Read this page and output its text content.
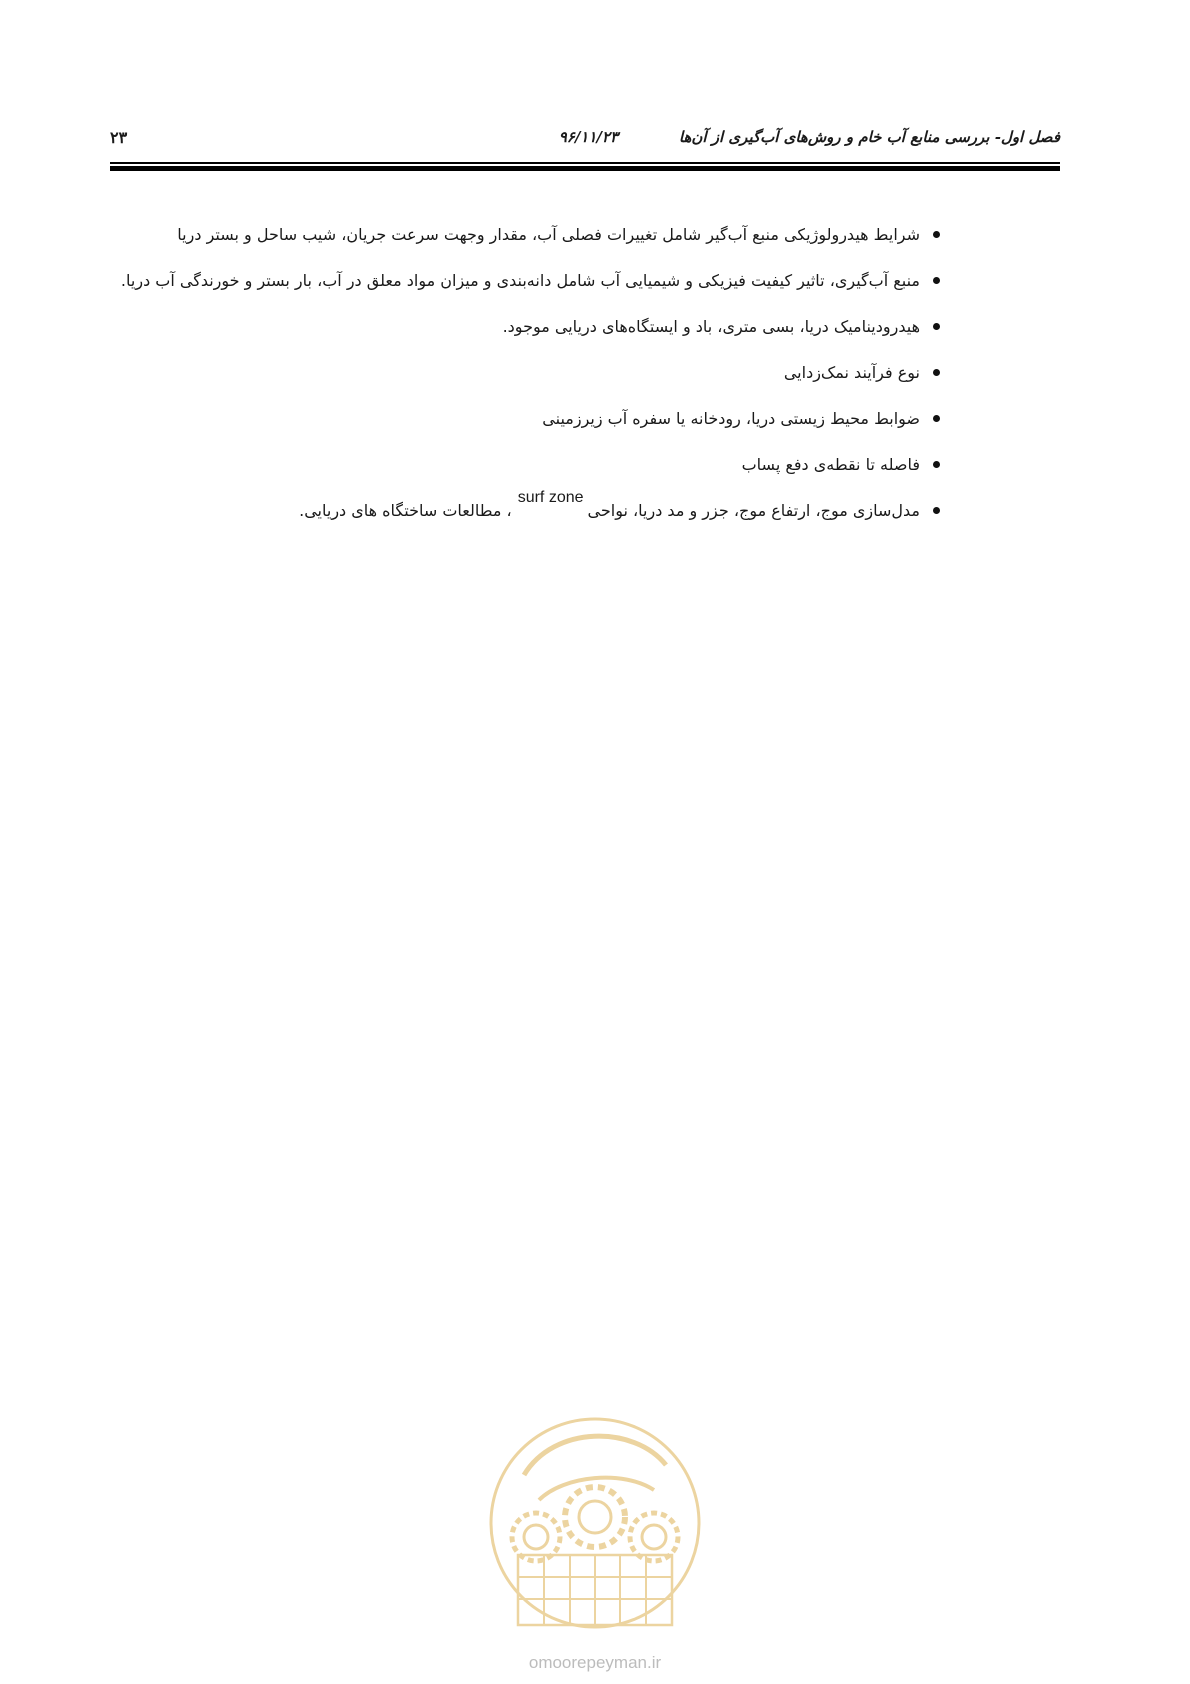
فصل اول- بررسی منابع آب خام و روش‌های آب‌گیری از آن‌ها
۹۶/۱۱/۲۳
۲۳
شرایط هیدرولوژیکی منبع آب‌گیر شامل تغییرات فصلی آب، مقدار وجهت سرعت جریان، شیب ساحل و بستر دریا
منبع آب‌گیری، تاثیر کیفیت فیزیکی و شیمیایی آب شامل دانه‌بندی و میزان مواد معلق در آب، بار بستر و خورندگی آب دریا.
هیدرودینامیک دریا، بسی متری، باد و ایستگاه‌های دریایی موجود.
نوع فرآیند نمک‌زدایی
ضوابط محیط زیستی دریا، رودخانه یا سفره آب زیرزمینی
فاصله تا نقطه‌ی دفع پساب
مدل‌سازی موج، ارتفاع موج، جزر و مد دریا، نواحیsurf zone، مطالعات ساختگاه های دریایی.
omoorepeyman.ir
